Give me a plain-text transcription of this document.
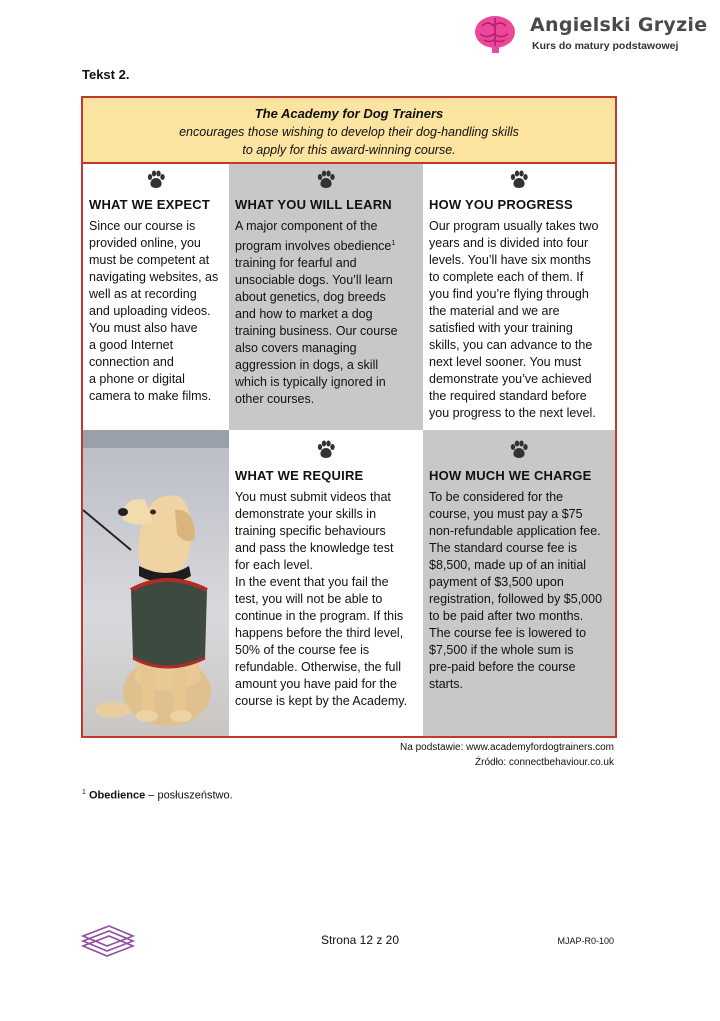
Angielski Gryzie
Kurs do matury podstawowej
Tekst 2.
The Academy for Dog Trainers
encourages those wishing to develop their dog-handling skills
to apply for this award-winning course.
WHAT WE EXPECT

Since our course is
provided online, you
must be competent at
navigating websites, as
well as at recording
and uploading videos.
You must also have
a good Internet
connection and
a phone or digital
camera to make films.

WHAT YOU WILL LEARN

A major component of the
program involves obedience$^1$
training for fearful and
unsociable dogs. You’ll learn
about genetics, dog breeds
and how to market a dog
training business. Our course
also covers managing
aggression in dogs, a skill
which is typically ignored in
other courses.

HOW YOU PROGRESS

Our program usually takes two
years and is divided into four
levels. You’ll have six months
to complete each of them. If
you find you’re flying through
the material and we are
satisfied with your training
skills, you can advance to the
next level sooner. You must
demonstrate you’ve achieved
the required standard before
you progress to the next level.

WHAT WE REQUIRE

You must submit videos that
demonstrate your skills in
training specific behaviours
and pass the knowledge test
for each level.
In the event that you fail the
test, you will not be able to
continue in the program. If this
happens before the third level,
50% of the course fee is
refundable. Otherwise, the full
amount you have paid for the
course is kept by the Academy.

HOW MUCH WE CHARGE

To be considered for the
course, you must pay a $75
non-refundable application fee.
The standard course fee is
$8,500, made up of an initial
payment of $3,500 upon
registration, followed by $5,000
to be paid after two months.
The course fee is lowered to
$7,500 if the whole sum is
pre-paid before the course
starts.

Na podstawie: www.academyfordogtrainers.com
Źródło: connectbehaviour.co.uk
$^1$ Obedience – posłuszeństwo.
Strona 12 z 20	MJAP-R0-100
